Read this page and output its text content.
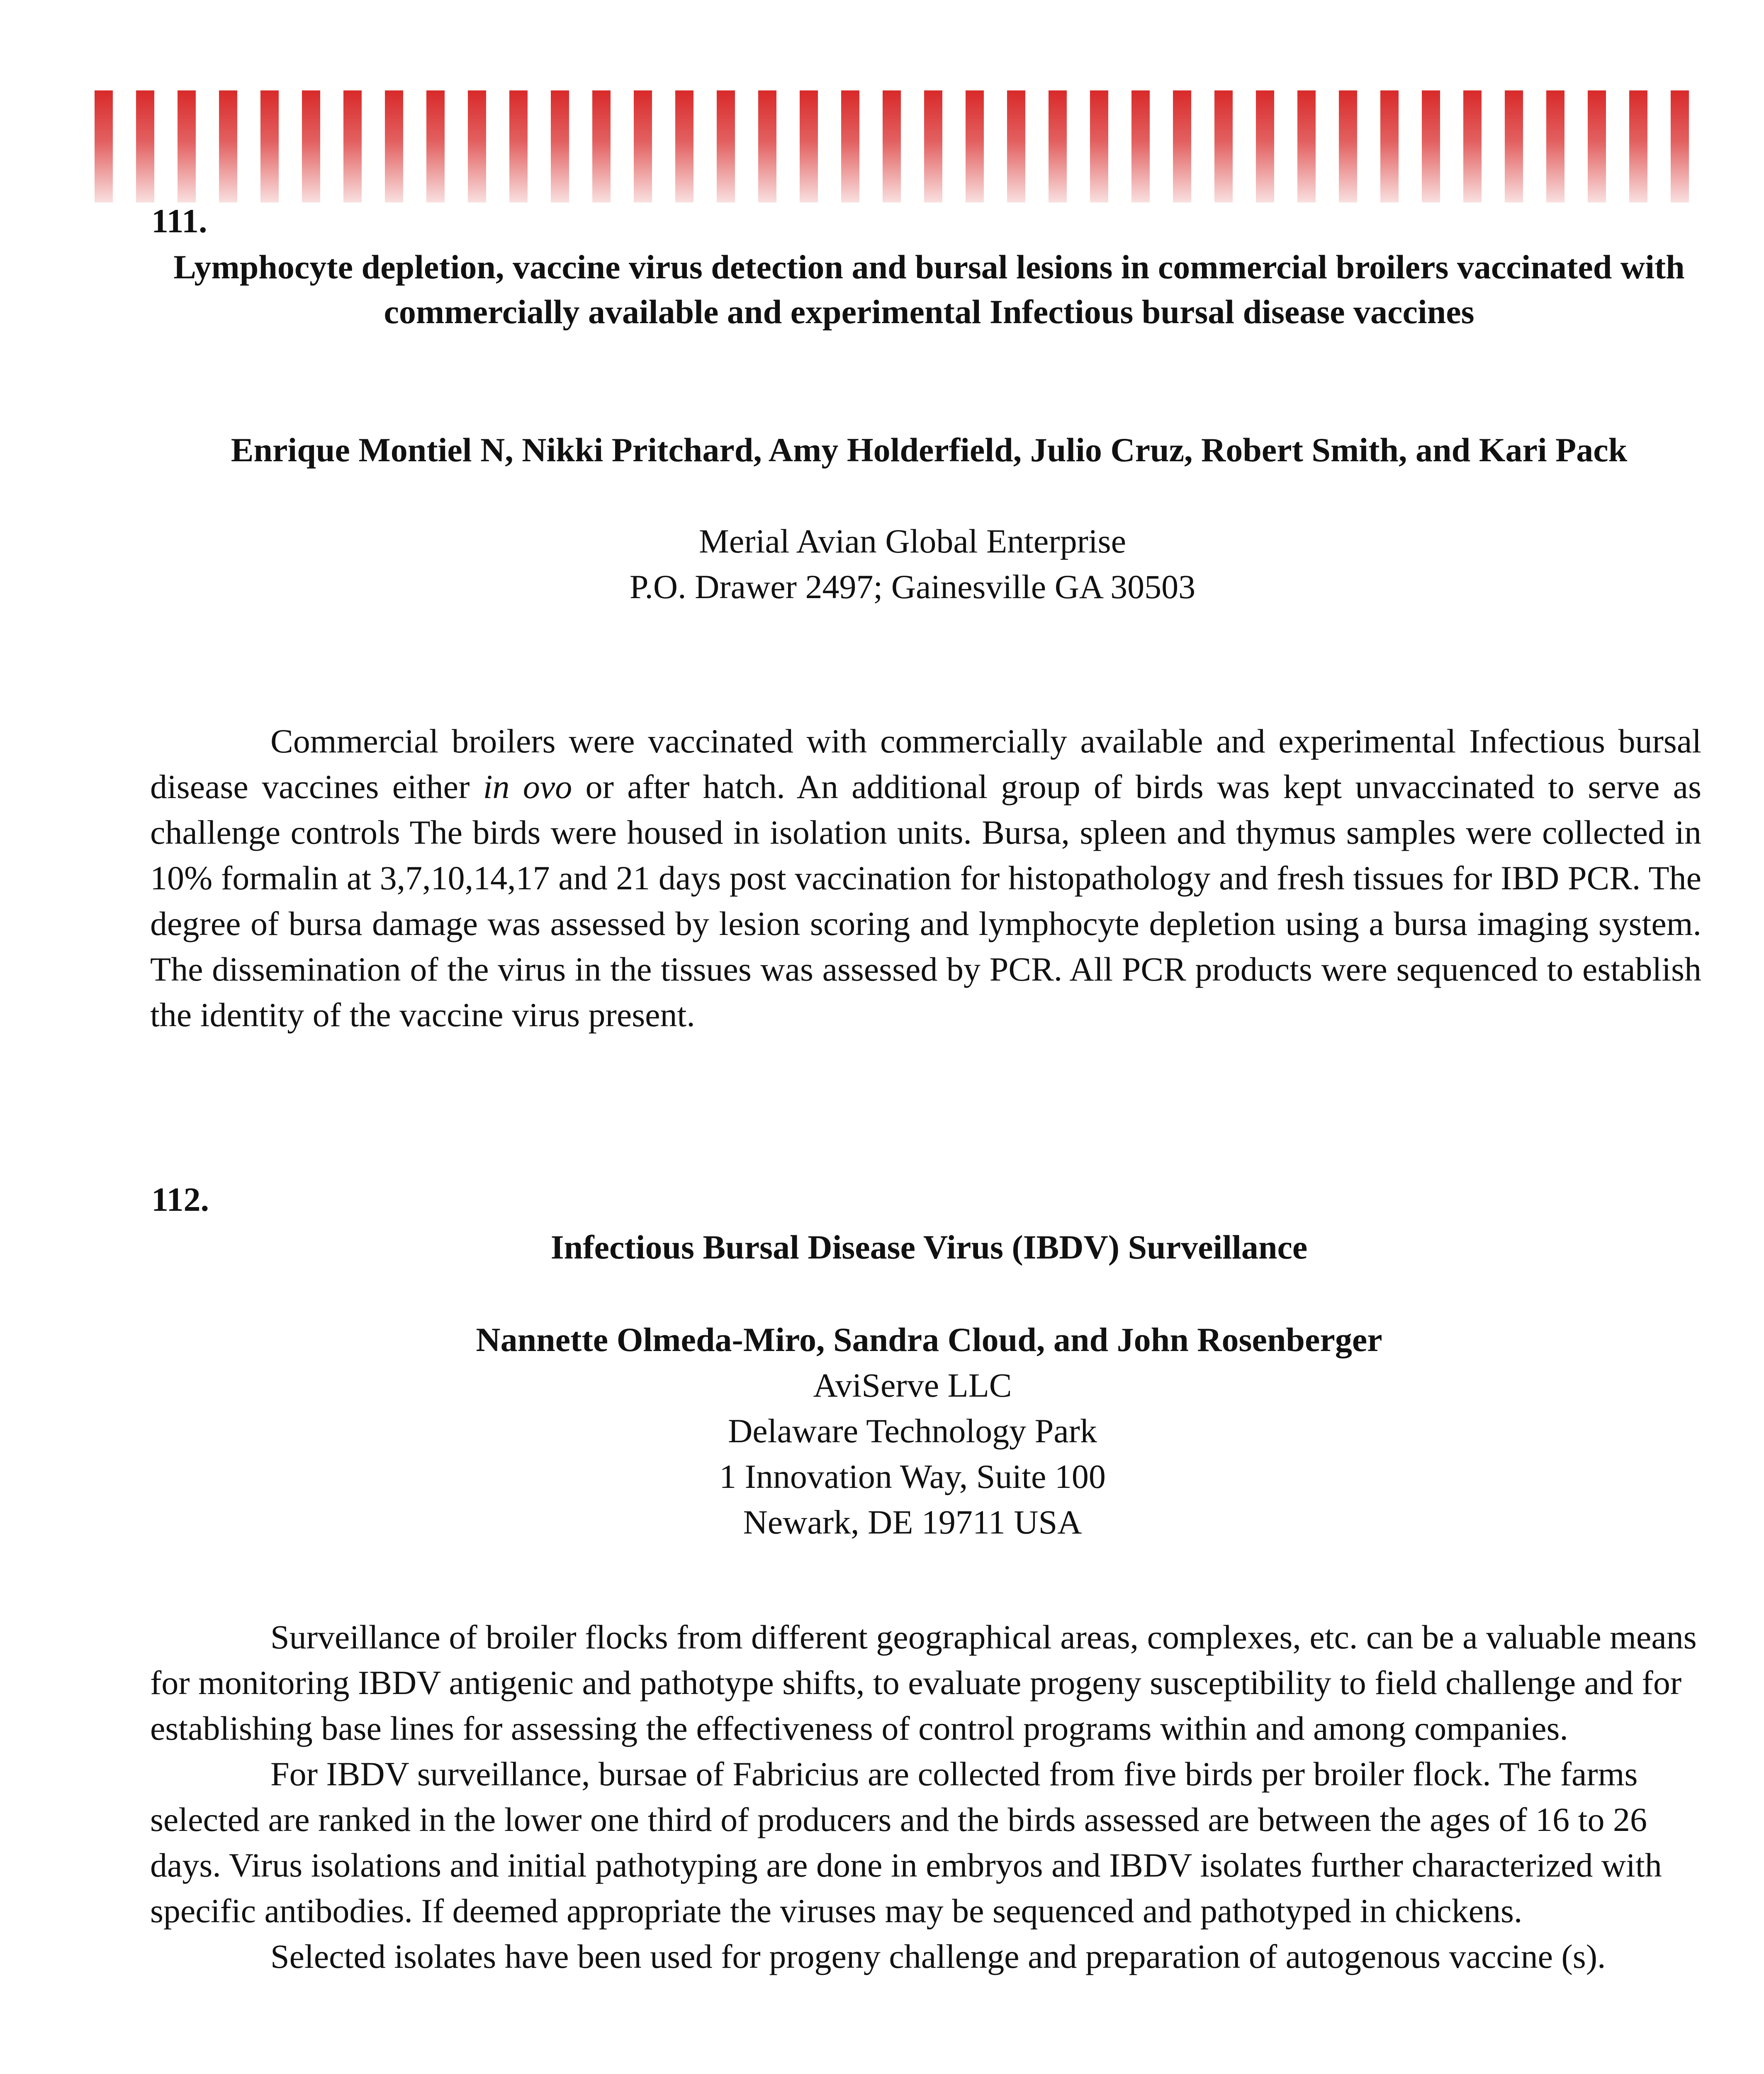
111.
Lymphocyte depletion, vaccine virus detection and bursal lesions in commercial broilers vaccinated with commercially available and experimental Infectious bursal disease vaccines
Enrique Montiel N, Nikki Pritchard, Amy Holderfield, Julio Cruz, Robert Smith, and Kari Pack
Merial Avian Global Enterprise
P.O. Drawer 2497; Gainesville GA 30503

Commercial broilers were vaccinated with commercially available and experimental Infectious bursal disease vaccines either in ovo or after hatch. An additional group of birds was kept unvaccinated to serve as challenge controls The birds were housed in isolation units. Bursa, spleen and thymus samples were collected in 10% formalin at 3,7,10,14,17 and 21 days post vaccination for histopathology and fresh tissues for IBD PCR. The degree of bursa damage was assessed by lesion scoring and lymphocyte depletion using a bursa imaging system. The dissemination of the virus in the tissues was assessed by PCR. All PCR products were sequenced to establish the identity of the vaccine virus present.

112.
Infectious Bursal Disease Virus (IBDV) Surveillance
Nannette Olmeda-Miro, Sandra Cloud, and John Rosenberger
AviServe LLC
Delaware Technology Park
1 Innovation Way, Suite 100
Newark, DE 19711 USA

Surveillance of broiler flocks from different geographical areas, complexes, etc. can be a valuable means for monitoring IBDV antigenic and pathotype shifts, to evaluate progeny susceptibility to field challenge and for establishing base lines for assessing the effectiveness of control programs within and among companies.

For IBDV surveillance, bursae of Fabricius are collected from five birds per broiler flock. The farms selected are ranked in the lower one third of producers and the birds assessed are between the ages of 16 to 26 days. Virus isolations and initial pathotyping are done in embryos and IBDV isolates further characterized with specific antibodies. If deemed appropriate the viruses may be sequenced and pathotyped in chickens.

Selected isolates have been used for progeny challenge and preparation of autogenous vaccine (s).
